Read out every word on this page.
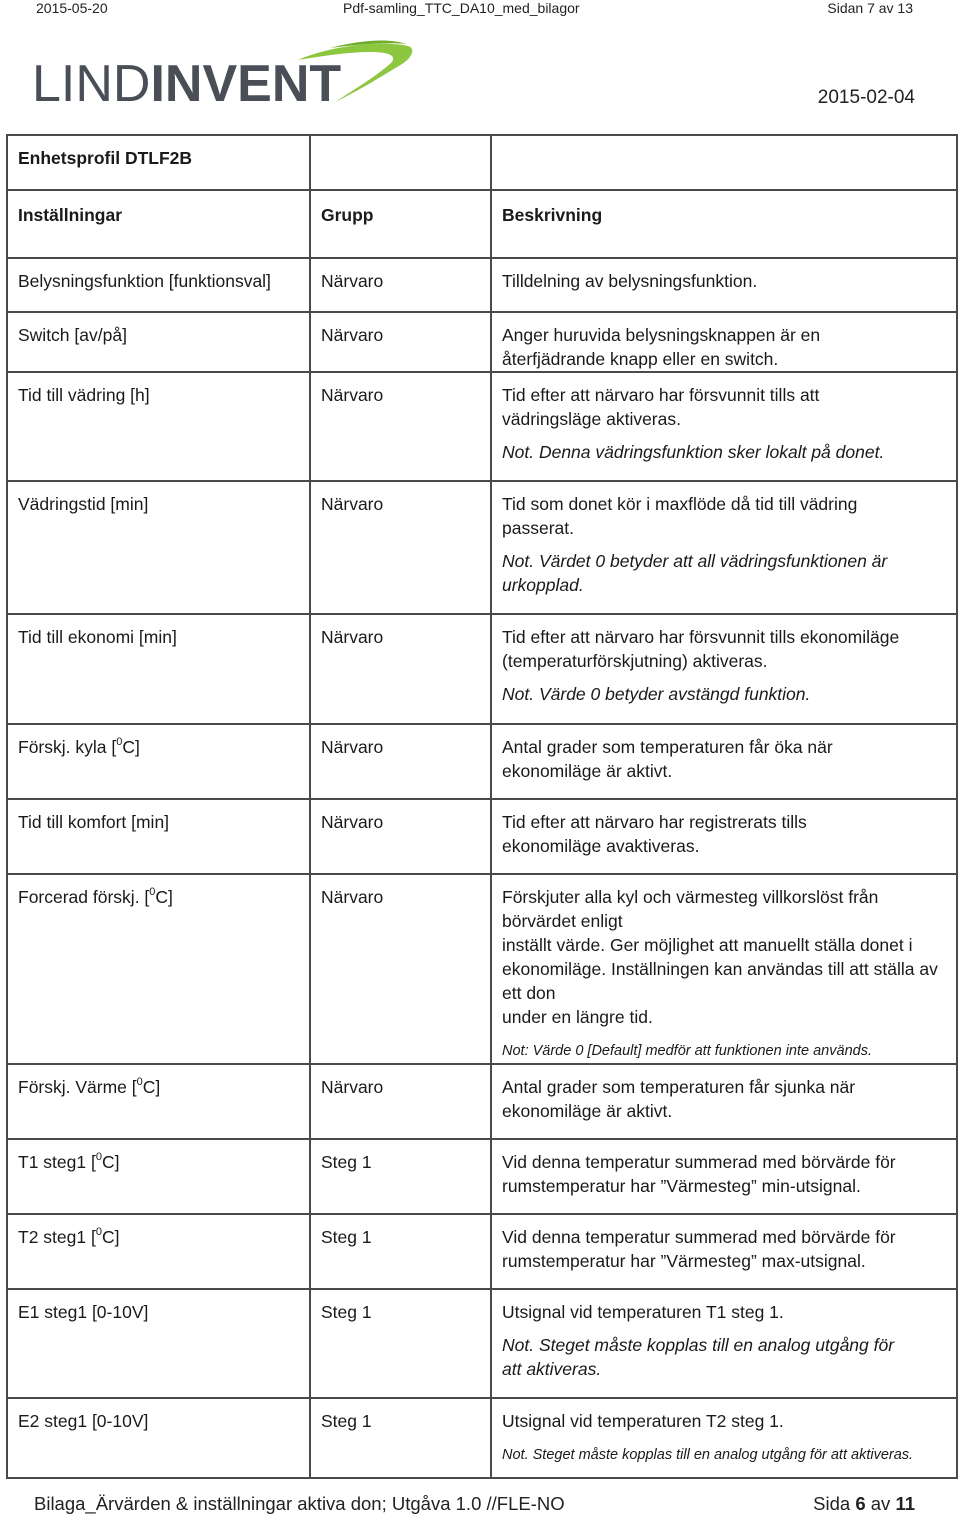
2015-05-20	Pdf-samling_TTC_DA10_med_bilagor	Sidan 7 av 13
LINDINVENT	2015-02-04
Enhetsprofil DTLF2B		
Inställningar	Grupp	Beskrivning
Belysningsfunktion [funktionsval]	Närvaro	Tilldelning av belysningsfunktion.

Switch [av/på]	Närvaro	Anger huruvida belysningsknappen är en
återfjädrande knapp eller en switch.

Tid till vädring [h]	Närvaro	Tid efter att närvaro har försvunnit tills att
vädringsläge aktiveras.
Not. Denna vädringsfunktion sker lokalt på donet.

Vädringstid [min]	Närvaro	Tid som donet kör i maxflöde då tid till vädring
passerat.
Not. Värdet 0 betyder att all vädringsfunktionen är
urkopplad.

Tid till ekonomi [min]	Närvaro	Tid efter att närvaro har försvunnit tills ekonomiläge
(temperaturförskjutning) aktiveras.
Not. Värde 0 betyder avstängd funktion.

Förskj. kyla [$^0$C]	Närvaro	Antal grader som temperaturen får öka när
ekonomiläge är aktivt.

Tid till komfort [min]	Närvaro	Tid efter att närvaro har registrerats tills
ekonomiläge avaktiveras.

Forcerad förskj. [$^0$C]	Närvaro	Förskjuter alla kyl och värmesteg villkorslöst från börvärdet enligt
inställt värde. Ger möjlighet att manuellt ställa donet i
ekonomiläge. Inställningen kan användas till att ställa av ett don
under en längre tid.
Not: Värde 0 [Default] medför att funktionen inte används.

Förskj. Värme [$^0$C]	Närvaro	Antal grader som temperaturen får sjunka när
ekonomiläge är aktivt.

T1 steg1 [$^0$C]	Steg 1	Vid denna temperatur summerad med börvärde för
rumstemperatur har ”Värmesteg” min-utsignal.

T2 steg1 [$^0$C]	Steg 1	Vid denna temperatur summerad med börvärde för
rumstemperatur har ”Värmesteg” max-utsignal.

E1 steg1 [0-10V]	Steg 1	Utsignal vid temperaturen T1 steg 1.
Not. Steget måste kopplas till en analog utgång för
att aktiveras.

E2 steg1 [0-10V]	Steg 1	Utsignal vid temperaturen T2 steg 1.
Not. Steget måste kopplas till en analog utgång för att aktiveras.
Bilaga_Ärvärden & inställningar aktiva don; Utgåva 1.0 //FLE-NO	Sida 6 av 11
